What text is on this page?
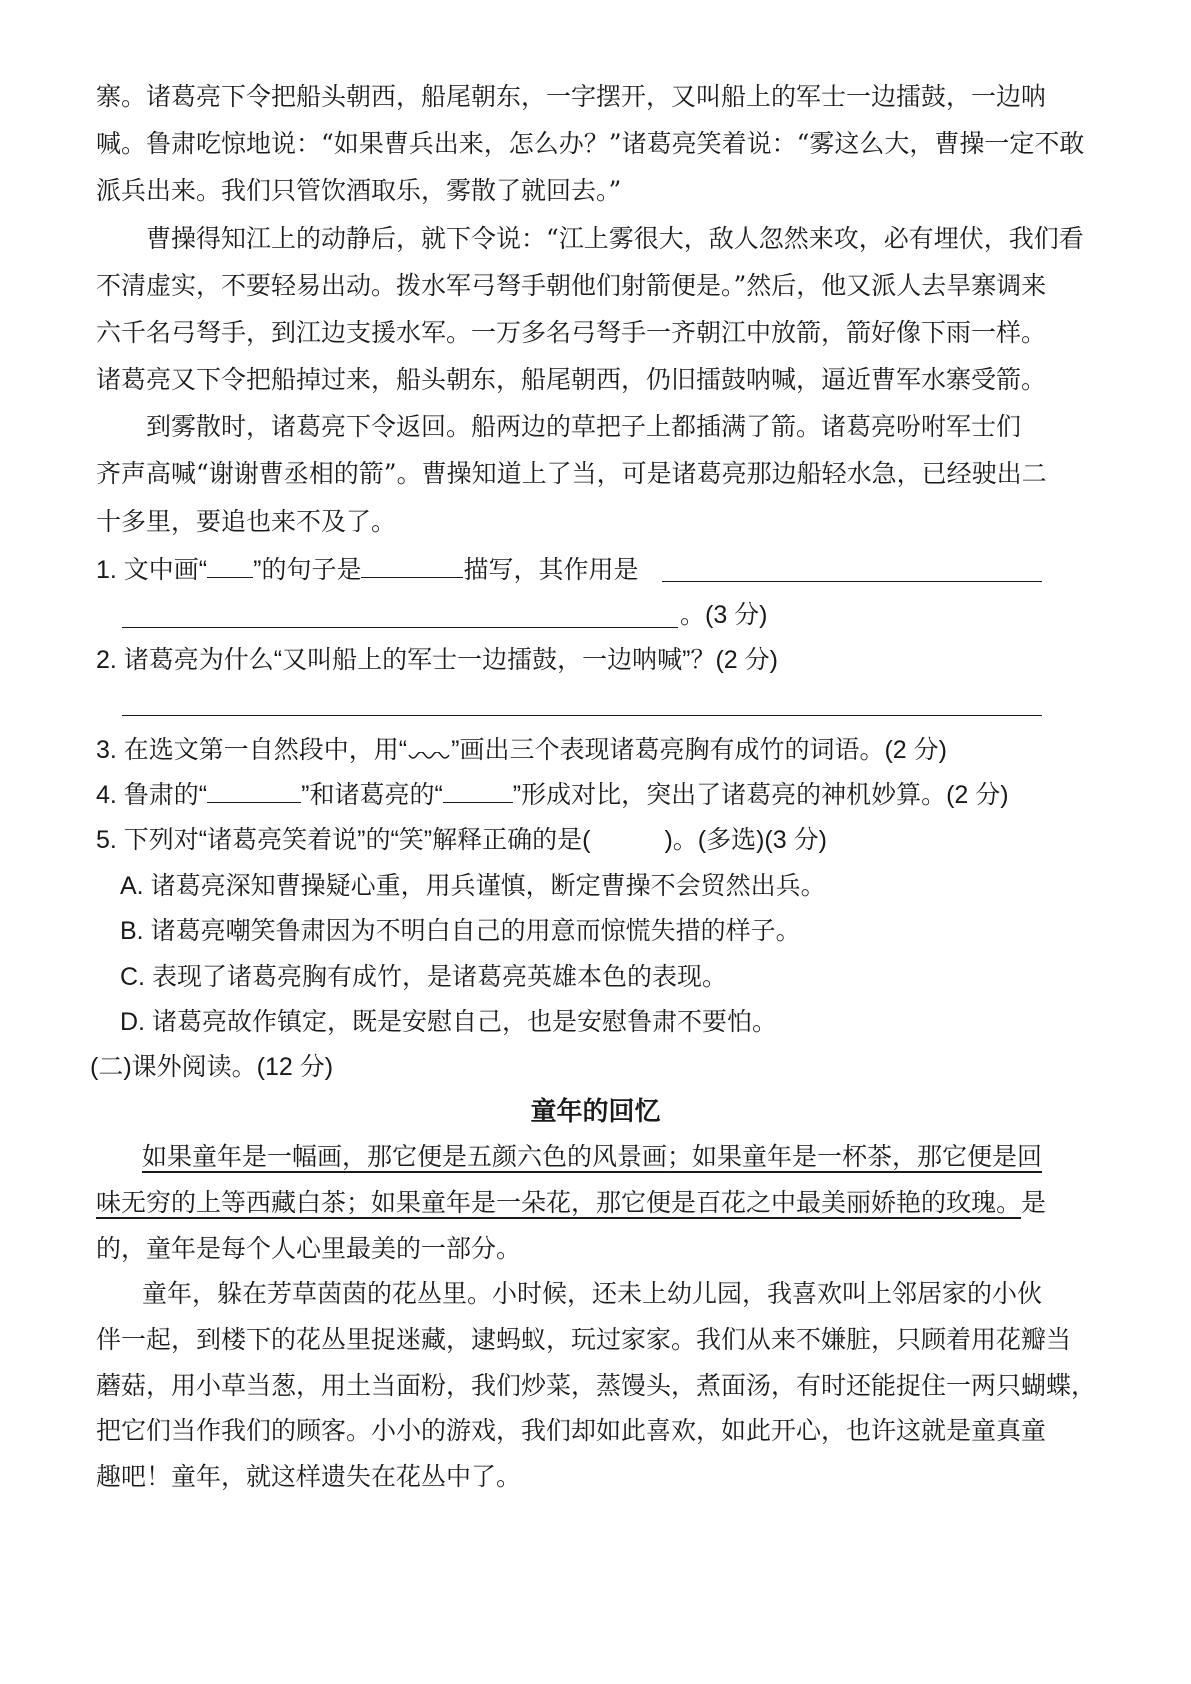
寨。诸葛亮下令把船头朝西，船尾朝东，一字摆开，又叫船上的军士一边擂鼓，一边呐
喊。鲁肃吃惊地说：“如果曹兵出来，怎么办？”诸葛亮笑着说：“雾这么大，曹操一定不敢
派兵出来。我们只管饮酒取乐，雾散了就回去。”
曹操得知江上的动静后，就下令说：“江上雾很大，敌人忽然来攻，必有埋伏，我们看
不清虚实，不要轻易出动。拨水军弓弩手朝他们射箭便是。”然后，他又派人去旱寨调来
六千名弓弩手，到江边支援水军。一万多名弓弩手一齐朝江中放箭，箭好像下雨一样。
诸葛亮又下令把船掉过来，船头朝东，船尾朝西，仍旧擂鼓呐喊，逼近曹军水寨受箭。
到雾散时，诸葛亮下令返回。船两边的草把子上都插满了箭。诸葛亮吩咐军士们
齐声高喊“谢谢曹丞相的箭”。曹操知道上了当，可是诸葛亮那边船轻水急，已经驶出二
十多里，要追也来不及了。
1. 文中画“ ”的句子是	描写，其作用是
。(3 分)
2. 诸葛亮为什么“又叫船上的军士一边擂鼓，一边呐喊”？(2 分)
3. 在选文第一自然段中，用“ ”画出三个表现诸葛亮胸有成竹的词语。(2 分)
4. 鲁肃的“	”和诸葛亮的“	”形成对比，突出了诸葛亮的神机妙算。(2 分)
5. 下列对“诸葛亮笑着说”的“笑”解释正确的是(	)。(多选)(3 分)
A. 诸葛亮深知曹操疑心重，用兵谨慎，断定曹操不会贸然出兵。
B. 诸葛亮嘲笑鲁肃因为不明白自己的用意而惊慌失措的样子。
C. 表现了诸葛亮胸有成竹，是诸葛亮英雄本色的表现。
D. 诸葛亮故作镇定，既是安慰自己，也是安慰鲁肃不要怕。
(二)课外阅读。(12 分)
童年的回忆
如果童年是一幅画，那它便是五颜六色的风景画；如果童年是一杯茶，那它便是回
味无穷的上等西藏白茶；如果童年是一朵花，那它便是百花之中最美丽娇艳的玫瑰。是
的，童年是每个人心里最美的一部分。
童年，躲在芳草茵茵的花丛里。小时候，还未上幼儿园，我喜欢叫上邻居家的小伙
伴一起，到楼下的花丛里捉迷藏，逮蚂蚁，玩过家家。我们从来不嫌脏，只顾着用花瓣当
蘑菇，用小草当葱，用土当面粉，我们炒菜，蒸馒头，煮面汤，有时还能捉住一两只蝴蝶，
把它们当作我们的顾客。小小的游戏，我们却如此喜欢，如此开心，也许这就是童真童
趣吧！童年，就这样遗失在花丛中了。
